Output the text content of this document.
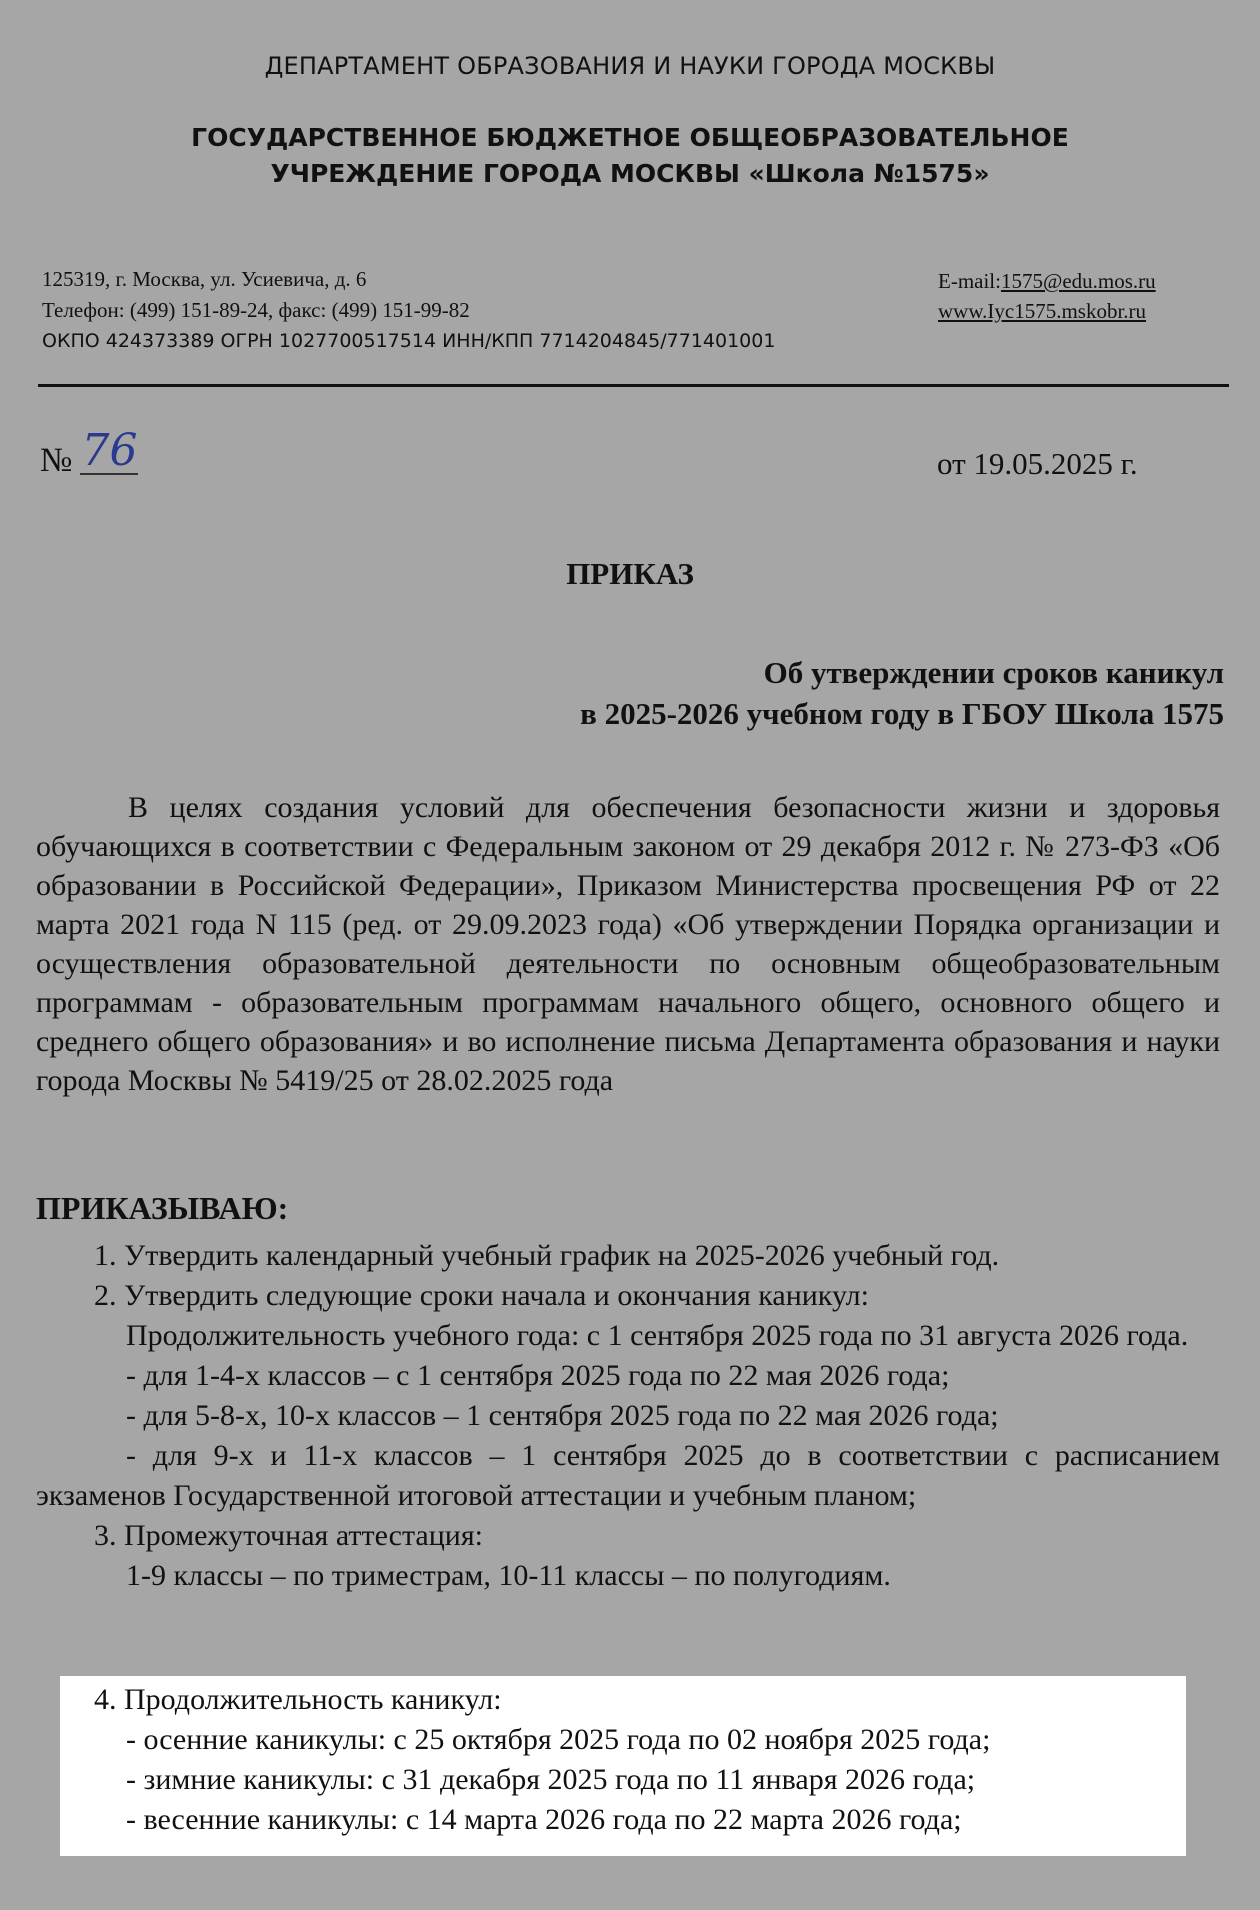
ДЕПАРТАМЕНТ ОБРАЗОВАНИЯ И НАУКИ ГОРОДА МОСКВЫ
ГОСУДАРСТВЕННОЕ БЮДЖЕТНОЕ ОБЩЕОБРАЗОВАТЕЛЬНОЕ
УЧРЕЖДЕНИЕ ГОРОДА МОСКВЫ «Школа №1575»
125319, г. Москва, ул. Усиевича, д. 6
Телефон: (499) 151-89-24, факс: (499) 151-99-82
ОКПО 424373389 ОГРН 1027700517514 ИНН/КПП 7714204845/771401001
E-mail:1575@edu.mos.ru
www.Iyc1575.mskobr.ru
№ 76	от 19.05.2025 г.
ПРИКАЗ
Об утверждении сроков каникул
в 2025-2026 учебном году в ГБОУ Школа 1575

В целях создания условий для обеспечения безопасности жизни и здоровья обучающихся в соответствии с Федеральным законом от 29 декабря 2012 г. № 273-ФЗ «Об образовании в Российской Федерации», Приказом Министерства просвещения РФ от 22 марта 2021 года N 115 (ред. от 29.09.2023 года) «Об утверждении Порядка организации и осуществления образовательной деятельности по основным общеобразовательным программам - образовательным программам начального общего, основного общего и среднего общего образования» и во исполнение письма Департамента образования и науки города Москвы № 5419/25 от 28.02.2025 года

ПРИКАЗЫВАЮ:
1. Утвердить календарный учебный график на 2025-2026 учебный год.
2. Утвердить следующие сроки начала и окончания каникул:
Продолжительность учебного года: с 1 сентября 2025 года по 31 августа 2026 года.
- для 1-4-х классов – с 1 сентября 2025 года по 22 мая 2026 года;
- для 5-8-х, 10-х классов – 1 сентября 2025 года по 22 мая 2026 года;
- для 9-х и 11-х классов – 1 сентября 2025 до в соответствии с расписанием экзаменов Государственной итоговой аттестации и учебным планом;
3. Промежуточная аттестация:
1-9 классы – по триместрам, 10-11 классы – по полугодиям.
4. Продолжительность каникул:
- осенние каникулы: с 25 октября 2025 года по 02 ноября 2025 года;
- зимние каникулы: с 31 декабря 2025 года по 11 января 2026 года;
- весенние каникулы: с 14 марта 2026 года по 22 марта 2026 года;
